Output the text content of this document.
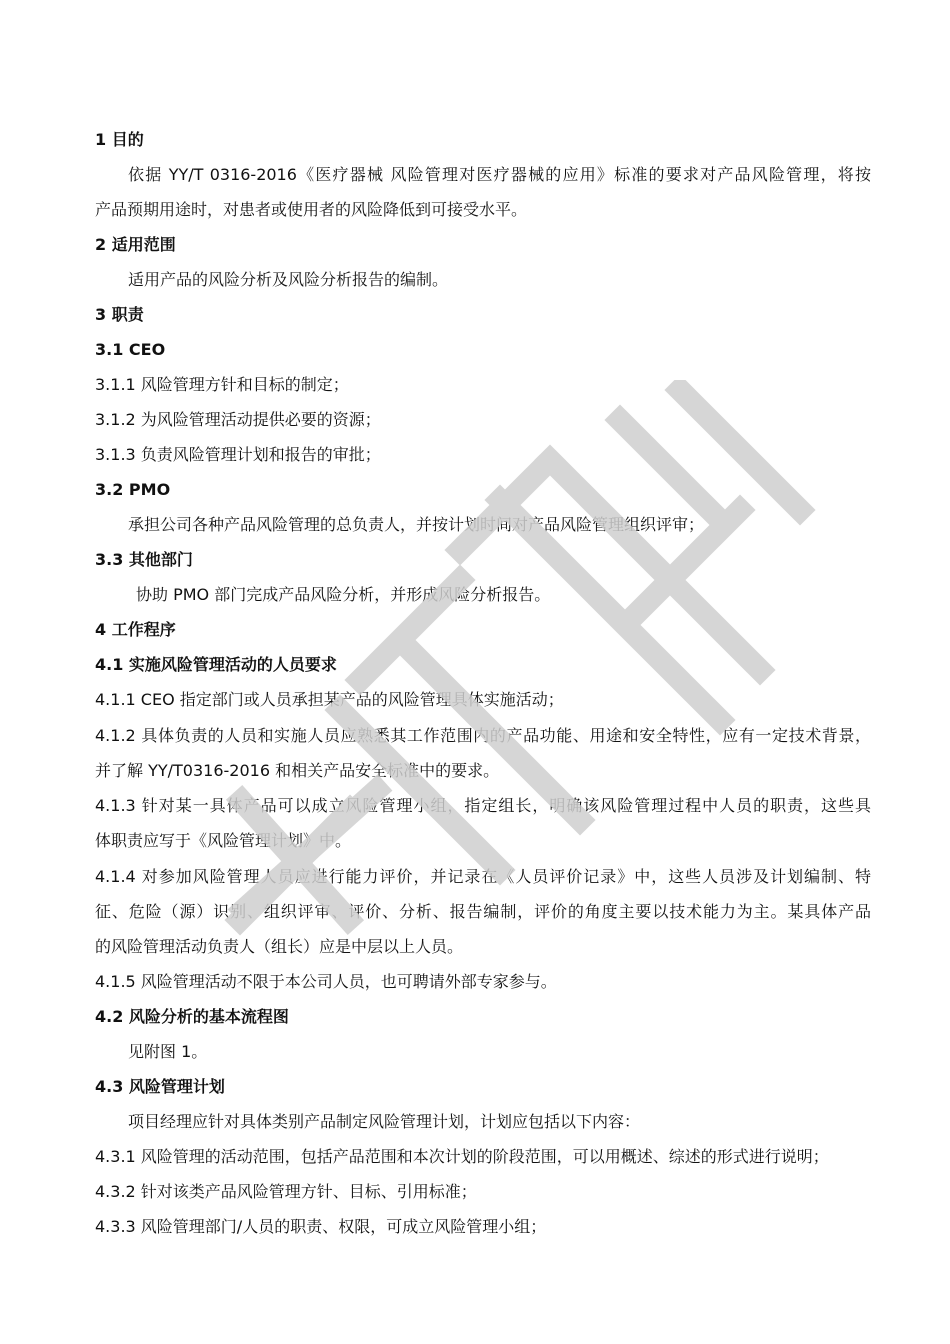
1 目的
依据 YY/T 0316-2016《医疗器械 风险管理对医疗器械的应用》标准的要求对产品风险管理，将按
产品预期用途时，对患者或使用者的风险降低到可接受水平。
2 适用范围
适用产品的风险分析及风险分析报告的编制。
3 职责
3.1 CEO
3.1.1 风险管理方针和目标的制定；
3.1.2 为风险管理活动提供必要的资源；
3.1.3 负责风险管理计划和报告的审批；
3.2 PMO
承担公司各种产品风险管理的总负责人，并按计划时间对产品风险管理组织评审；
3.3 其他部门
协助 PMO 部门完成产品风险分析，并形成风险分析报告。
4 工作程序
4.1 实施风险管理活动的人员要求
4.1.1 CEO 指定部门或人员承担某产品的风险管理具体实施活动；
4.1.2 具体负责的人员和实施人员应熟悉其工作范围内的产品功能、用途和安全特性，应有一定技术背景，
并了解 YY/T0316-2016 和相关产品安全标准中的要求。
4.1.3 针对某一具体产品可以成立风险管理小组，指定组长，明确该风险管理过程中人员的职责，这些具
体职责应写于《风险管理计划》中。
4.1.4 对参加风险管理人员应进行能力评价，并记录在《人员评价记录》中，这些人员涉及计划编制、特
征、危险（源）识别、组织评审、评价、分析、报告编制，评价的角度主要以技术能力为主。某具体产品
的风险管理活动负责人（组长）应是中层以上人员。
4.1.5 风险管理活动不限于本公司人员，也可聘请外部专家参与。
4.2 风险分析的基本流程图
见附图 1。
4.3 风险管理计划
项目经理应针对具体类别产品制定风险管理计划，计划应包括以下内容：
4.3.1 风险管理的活动范围，包括产品范围和本次计划的阶段范围，可以用概述、综述的形式进行说明；
4.3.2 针对该类产品风险管理方针、目标、引用标准；
4.3.3 风险管理部门/人员的职责、权限，可成立风险管理小组；
